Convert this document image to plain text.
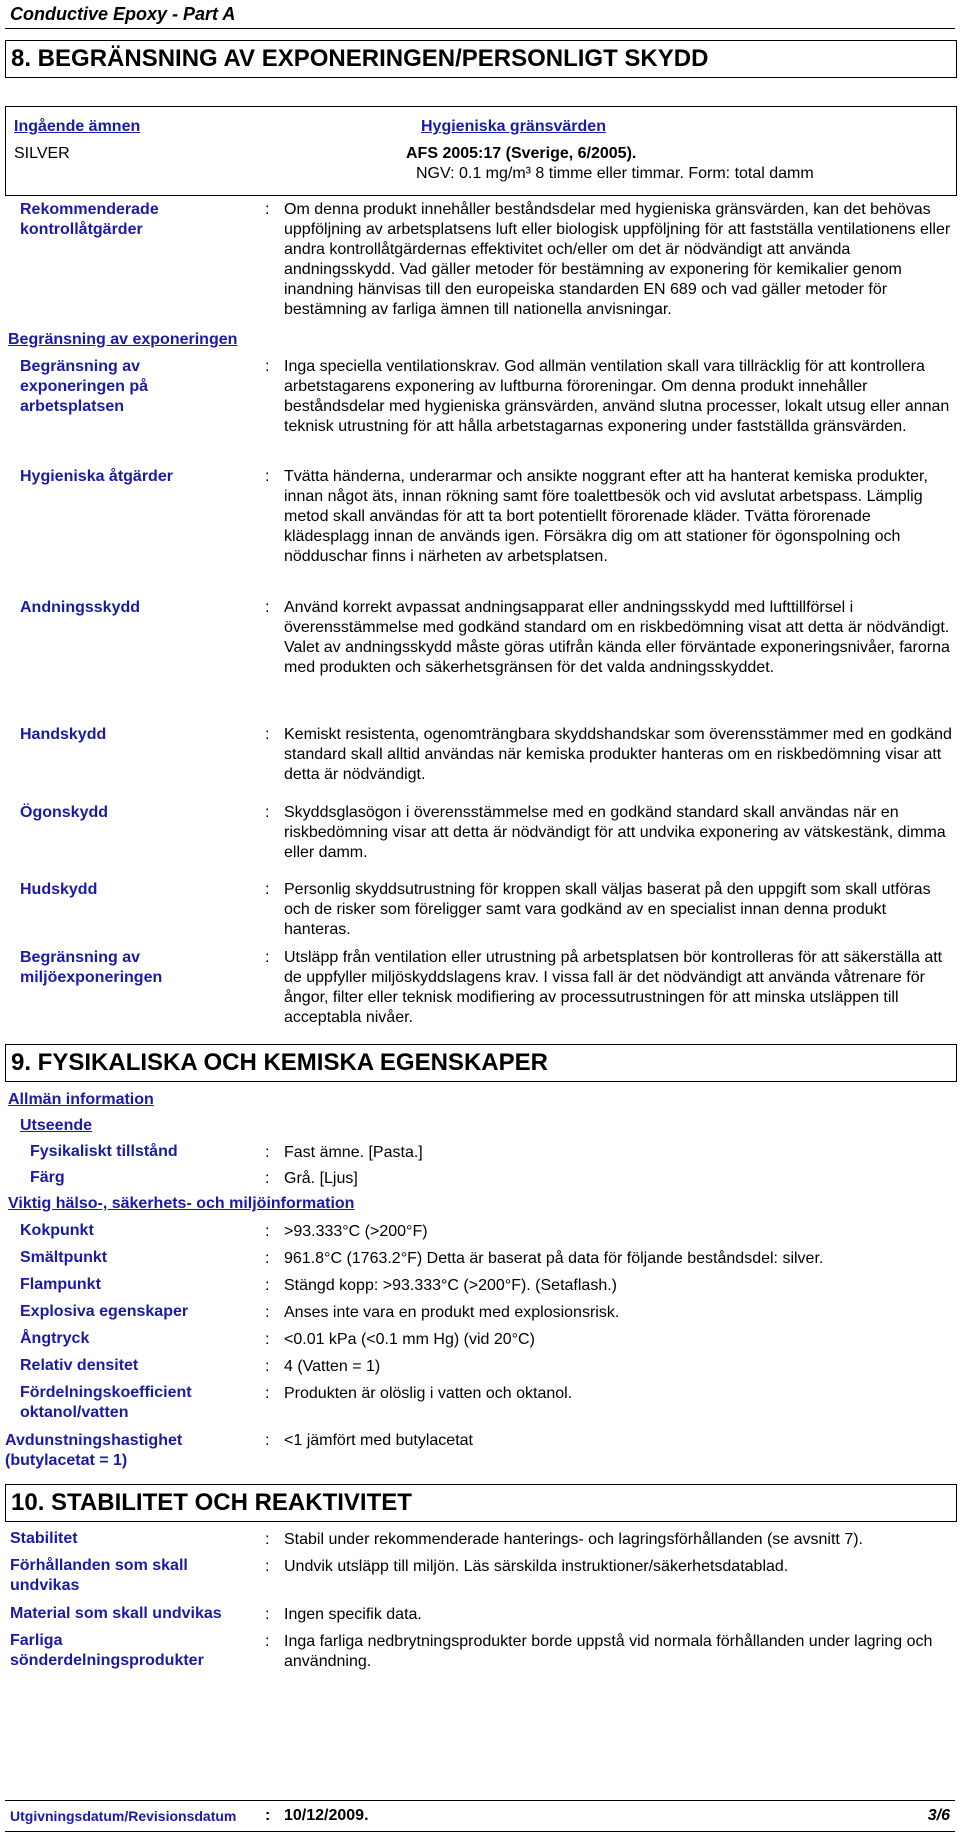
Conductive Epoxy - Part A
8. BEGRÄNSNING AV EXPONERINGEN/PERSONLIGT SKYDD
Ingående ämnen	Hygieniska gränsvärden
SILVER	AFS 2005:17 (Sverige, 6/2005).
NGV: 0.1 mg/m³ 8 timme eller timmar. Form: total damm
Rekommenderade
kontrollåtgärder
: Om denna produkt innehåller beståndsdelar med hygieniska gränsvärden, kan det behövas uppföljning av arbetsplatsens luft eller biologisk uppföljning för att fastställa ventilationens eller andra kontrollåtgärdernas effektivitet och/eller om det är nödvändigt att använda andningsskydd. Vad gäller metoder för bestämning av exponering för kemikalier genom inandning hänvisas till den europeiska standarden EN 689 och vad gäller metoder för bestämning av farliga ämnen till nationella anvisningar.
Begränsning av exponeringen
Begränsning av
exponeringen på
arbetsplatsen
: Inga speciella ventilationskrav. God allmän ventilation skall vara tillräcklig för att kontrollera arbetstagarens exponering av luftburna föroreningar. Om denna produkt innehåller beståndsdelar med hygieniska gränsvärden, använd slutna processer, lokalt utsug eller annan teknisk utrustning för att hålla arbetstagarnas exponering under fastställda gränsvärden.
Hygieniska åtgärder	: Tvätta händerna, underarmar och ansikte noggrant efter att ha hanterat kemiska produkter, innan något äts, innan rökning samt före toalettbesök och vid avslutat arbetspass. Lämplig metod skall användas för att ta bort potentiellt förorenade kläder. Tvätta förorenade klädesplagg innan de används igen. Försäkra dig om att stationer för ögonspolning och nödduschar finns i närheten av arbetsplatsen.
Andningsskydd	: Använd korrekt avpassat andningsapparat eller andningsskydd med lufttillförsel i överensstämmelse med godkänd standard om en riskbedömning visat att detta är nödvändigt. Valet av andningsskydd måste göras utifrån kända eller förväntade exponeringsnivåer, farorna med produkten och säkerhetsgränsen för det valda andningsskyddet.
Handskydd	: Kemiskt resistenta, ogenomträngbara skyddshandskar som överensstämmer med en godkänd standard skall alltid användas när kemiska produkter hanteras om en riskbedömning visar att detta är nödvändigt.
Ögonskydd	: Skyddsglasögon i överensstämmelse med en godkänd standard skall användas när en riskbedömning visar att detta är nödvändigt för att undvika exponering av vätskestänk, dimma eller damm.
Hudskydd	: Personlig skyddsutrustning för kroppen skall väljas baserat på den uppgift som skall utföras och de risker som föreligger samt vara godkänd av en specialist innan denna produkt hanteras.
Begränsning av
miljöexponeringen
: Utsläpp från ventilation eller utrustning på arbetsplatsen bör kontrolleras för att säkerställa att de uppfyller miljöskyddslagens krav. I vissa fall är det nödvändigt att använda våtrenare för ångor, filter eller teknisk modifiering av processutrustningen för att minska utsläppen till acceptabla nivåer.
9. FYSIKALISKA OCH KEMISKA EGENSKAPER
Allmän information
Utseende
Fysikaliskt tillstånd	: Fast ämne. [Pasta.]
Färg	: Grå. [Ljus]
Viktig hälso-, säkerhets- och miljöinformation
Kokpunkt	: >93.333°C (>200°F)
Smältpunkt	: 961.8°C (1763.2°F) Detta är baserat på data för följande beståndsdel: silver.
Flampunkt	: Stängd kopp: >93.333°C (>200°F). (Setaflash.)
Explosiva egenskaper	: Anses inte vara en produkt med explosionsrisk.
Ångtryck	: <0.01 kPa (<0.1 mm Hg) (vid 20°C)
Relativ densitet	: 4 (Vatten = 1)
Fördelningskoefficient
oktanol/vatten
: Produkten är olöslig i vatten och oktanol.
Avdunstningshastighet
(butylacetat = 1)
: <1 jämfört med butylacetat
10. STABILITET OCH REAKTIVITET
Stabilitet	: Stabil under rekommenderade hanterings- och lagringsförhållanden (se avsnitt 7).
Förhållanden som skall
undvikas
: Undvik utsläpp till miljön. Läs särskilda instruktioner/säkerhetsdatablad.
Material som skall undvikas	: Ingen specifik data.
Farliga
sönderdelningsprodukter
: Inga farliga nedbrytningsprodukter borde uppstå vid normala förhållanden under lagring och användning.
Utgivningsdatum/Revisionsdatum : 10/12/2009.	3/6
